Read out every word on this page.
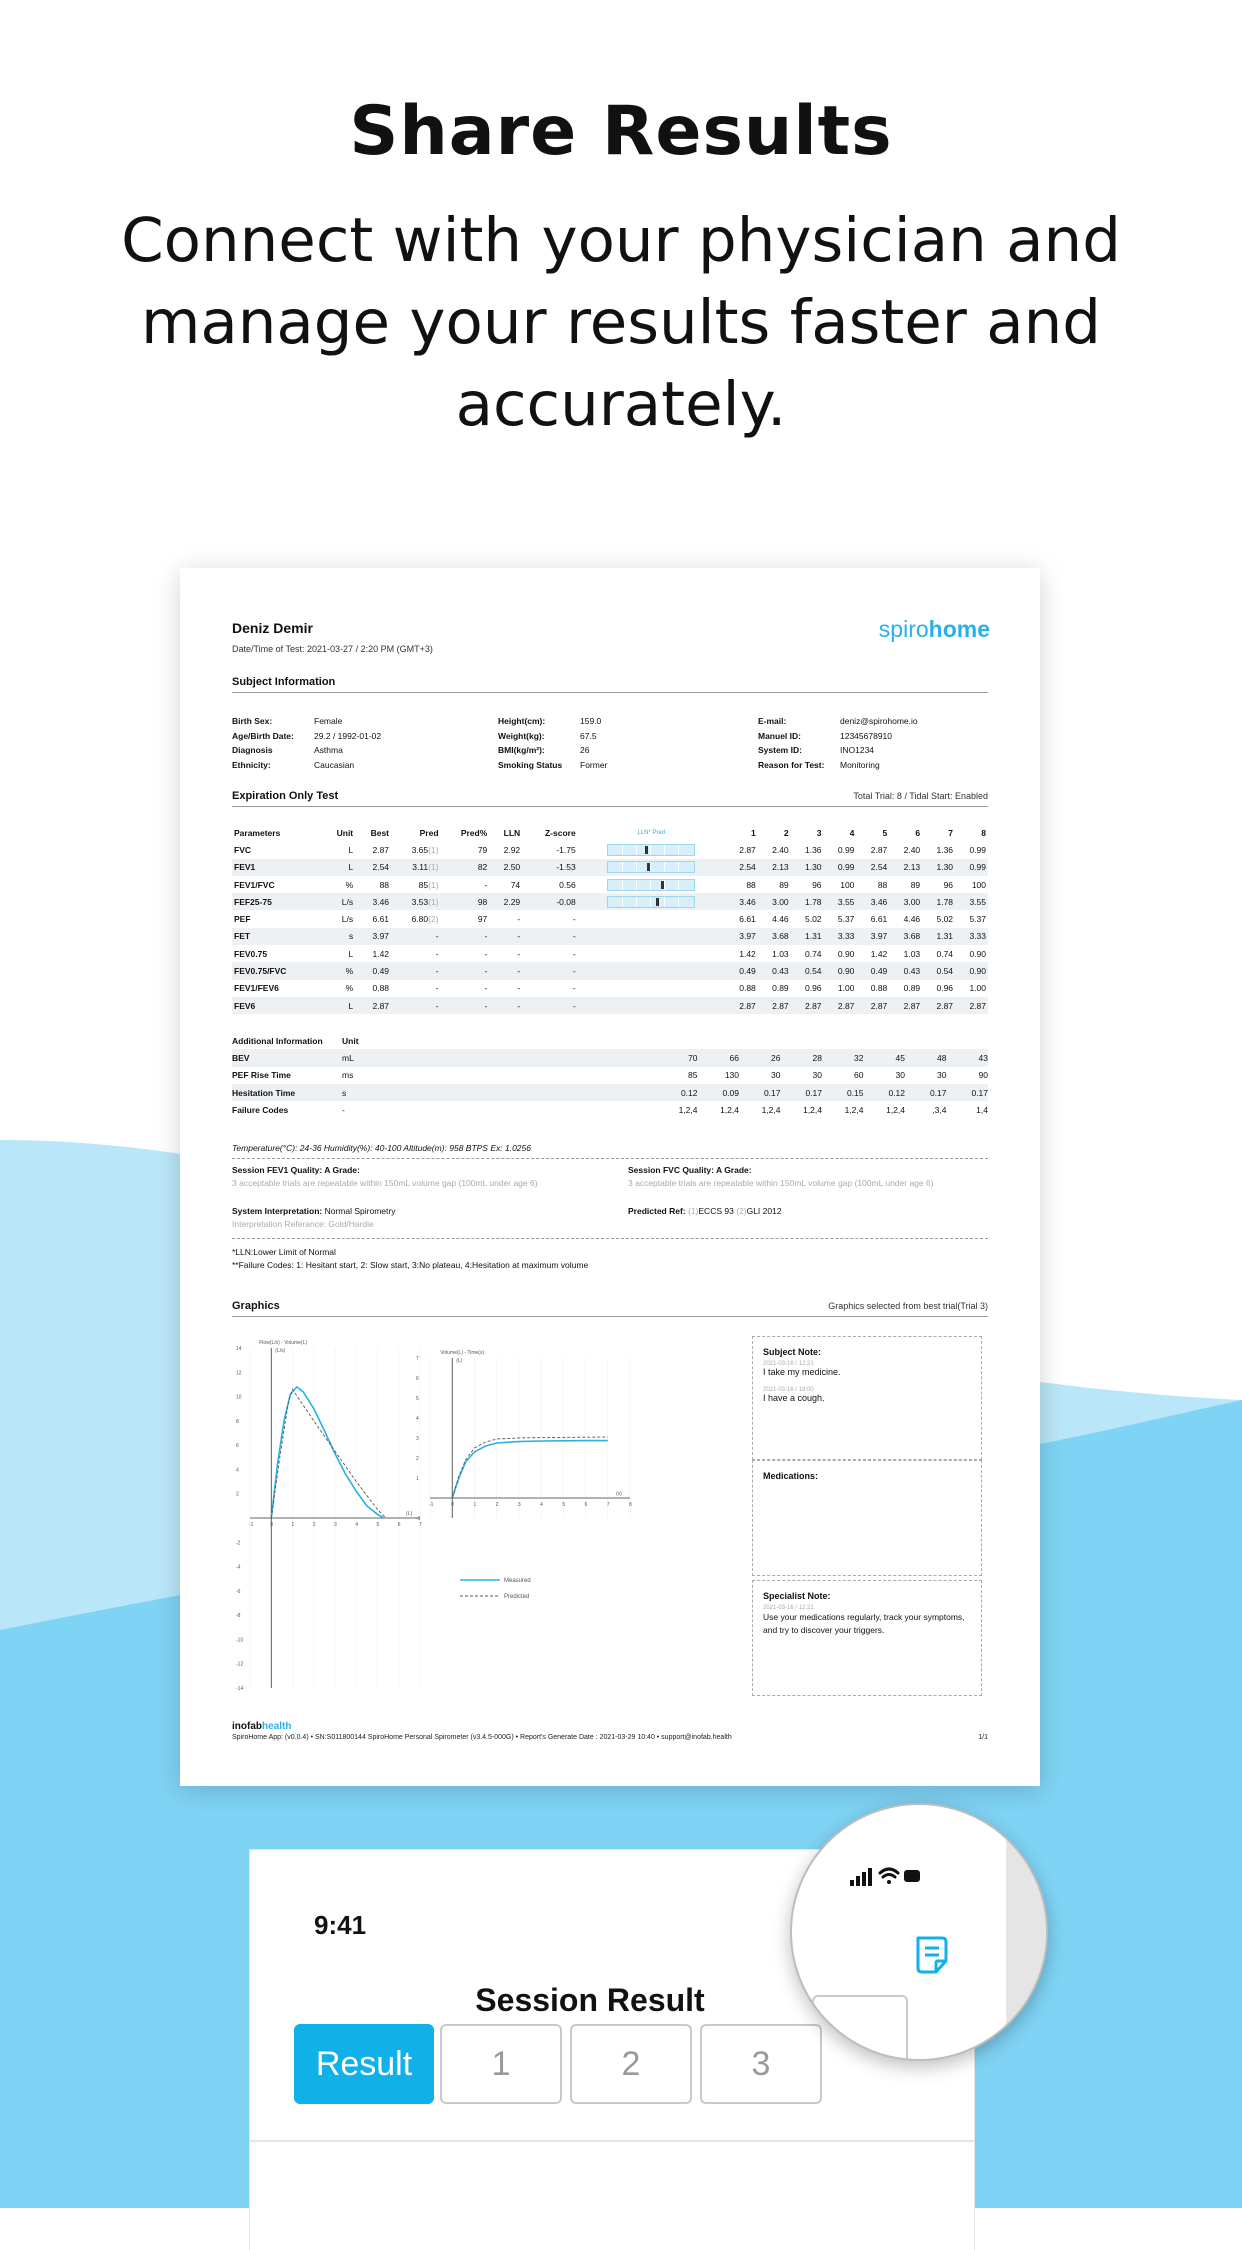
Share Results

Connect with your physician and manage your results faster and accurately.

Deniz Demir
Date/Time of Test: 2021-03-27 / 2:20 PM (GMT+3)
spirohome
Subject Information
Birth Sex:	Female
Age/Birth Date:	29.2 / 1992-01-02
Diagnosis	Asthma
Ethnicity:	Caucasian
Height(cm):	159.0
Weight(kg):	67.5
BMI(kg/m²):	26
Smoking Status	Former
E-mail:	deniz@spirohome.io
Manuel ID:	12345678910
System ID:	INO1234
Reason for Test:	Monitoring
Expiration Only Test	Total Trial: 8 / Tidal Start: Enabled
Parameters	Unit	Best	Pred	Pred%	LLN	Z-score	LLN* Pred	1	2	3	4	5	6	7	8
FVC	L	2.87	3.65(1)	79	2.92	-1.75		2.87	2.40	1.36	0.99	2.87	2.40	1.36	0.99
FEV1	L	2.54	3.11(1)	82	2.50	-1.53		2.54	2.13	1.30	0.99	2.54	2.13	1.30	0.99
FEV1/FVC	%	88	85(1)	-	74	0.56		88	89	96	100	88	89	96	100
FEF25-75	L/s	3.46	3.53(1)	98	2.29	-0.08		3.46	3.00	1.78	3.55	3.46	3.00	1.78	3.55
PEF	L/s	6.61	6.80(2)	97	-	-		6.61	4.46	5.02	5.37	6.61	4.46	5.02	5.37
FET	s	3.97	-	-	-	-		3.97	3.68	1.31	3.33	3.97	3.68	1.31	3.33
FEV0.75	L	1.42	-	-	-	-		1.42	1.03	0.74	0.90	1.42	1.03	0.74	0.90
FEV0.75/FVC	%	0.49	-	-	-	-		0.49	0.43	0.54	0.90	0.49	0.43	0.54	0.90
FEV1/FEV6	%	0.88	-	-	-	-		0.88	0.89	0.96	1.00	0.88	0.89	0.96	1.00
FEV6	L	2.87	-	-	-	-		2.87	2.87	2.87	2.87	2.87	2.87	2.87	2.87
Additional Information	Unit
BEV	mL	70	66	26	28	32	45	48	43
PEF Rise Time	ms	85	130	30	30	60	30	30	90
Hesitation Time	s	0.12	0.09	0.17	0.17	0.15	0.12	0.17	0.17
Failure Codes	-	1,2,4	1,2,4	1,2,4	1,2,4	1,2,4	1,2,4	,3,4	1,4
Temperature(°C): 24-36 Humidity(%): 40-100 Altitude(m): 958 BTPS Ex: 1.0256
Session FEV1 Quality: A Grade:
3 acceptable trials are repeatable within 150mL volume gap (100mL under age 6)
Session FVC Quality: A Grade:
3 acceptable trials are repeatable within 150mL volume gap (100mL under age 6)
System Interpretation: Normal Spirometry
Interpretation Referance: Gold/Hardie
Predicted Ref: (1)ECCS 93 (2)GLI 2012
*LLN:Lower Limit of Normal
**Failure Codes: 1: Hesitant start, 2: Slow start, 3:No plateau, 4:Hesitation at maximum volume
Graphics	Graphics selected from best trial(Trial 3)
-1	0	1	2	3	4	5	6	7
-14
-12
-10
-8
-6
-4
-2
2
4
6
8
10
12
14
Flow(L/s) - Volume(L)
(L/s)
(L)
-1	0	1	2	3	4	5	6	7	8
-1
1
2
3
4
5
6
7
Volume(L) - Time(s)
(L)
(s)
Measured
Predicted
Subject Note:
2021-03-16 / 12:21
I take my medicine.
2021-03-16 / 18:00
I have a cough.
Medications:
Specialist Note:
2021-03-16 / 12:21
Use your medications regularly, track your symptoms, and try to discover your triggers.
inofabhealth
SpiroHome App: (v0.0.4) • SN:S011800144 SpiroHome Personal Spirometer (v3.4.5-000G) • Report's Generate Date : 2021-03-29 10:40 • support@inofab.health	1/1
9:41
Session Result
Result	1	2	3
